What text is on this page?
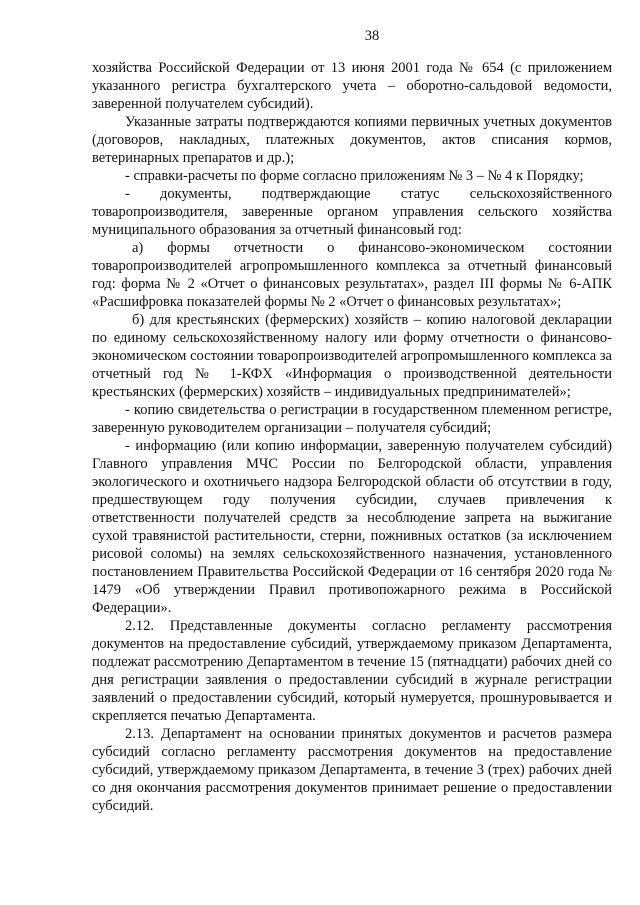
38

хозяйства Российской Федерации от 13 июня 2001 года № 654 (с приложением указанного регистра бухгалтерского учета – оборотно-сальдовой ведомости, заверенной получателем субсидий).

Указанные затраты подтверждаются копиями первичных учетных документов (договоров, накладных, платежных документов, актов списания кормов, ветеринарных препаратов и др.);

- справки-расчеты по форме согласно приложениям № 3 – № 4 к Порядку;

- документы, подтверждающие статус сельскохозяйственного товаропроизводителя, заверенные органом управления сельского хозяйства муниципального образования за отчетный финансовый год:

а) формы отчетности о финансово-экономическом состоянии товаропроизводителей агропромышленного комплекса за отчетный финансовый год: форма № 2 «Отчет о финансовых результатах», раздел III формы № 6-АПК «Расшифровка показателей формы № 2 «Отчет о финансовых результатах»;

б) для крестьянских (фермерских) хозяйств – копию налоговой декларации по единому сельскохозяйственному налогу или форму отчетности о финансово-экономическом состоянии товаропроизводителей агропромышленного комплекса за отчетный год № 1-КФХ «Информация о производственной деятельности крестьянских (фермерских) хозяйств – индивидуальных предпринимателей»;

- копию свидетельства о регистрации в государственном племенном регистре, заверенную руководителем организации – получателя субсидий;

- информацию (или копию информации, заверенную получателем субсидий) Главного управления МЧС России по Белгородской области, управления экологического и охотничьего надзора Белгородской области об отсутствии в году, предшествующем году получения субсидии, случаев привлечения к ответственности получателей средств за несоблюдение запрета на выжигание сухой травянистой растительности, стерни, пожнивных остатков (за исключением рисовой соломы) на землях сельскохозяйственного назначения, установленного постановлением Правительства Российской Федерации от 16 сентября 2020 года № 1479 «Об утверждении Правил противопожарного режима в Российской Федерации».

2.12. Представленные документы согласно регламенту рассмотрения документов на предоставление субсидий, утверждаемому приказом Департамента, подлежат рассмотрению Департаментом в течение 15 (пятнадцати) рабочих дней со дня регистрации заявления о предоставлении субсидий в журнале регистрации заявлений о предоставлении субсидий, который нумеруется, прошнуровывается и скрепляется печатью Департамента.

2.13. Департамент на основании принятых документов и расчетов размера субсидий согласно регламенту рассмотрения документов на предоставление субсидий, утверждаемому приказом Департамента, в течение 3 (трех) рабочих дней со дня окончания рассмотрения документов принимает решение о предоставлении субсидий.
